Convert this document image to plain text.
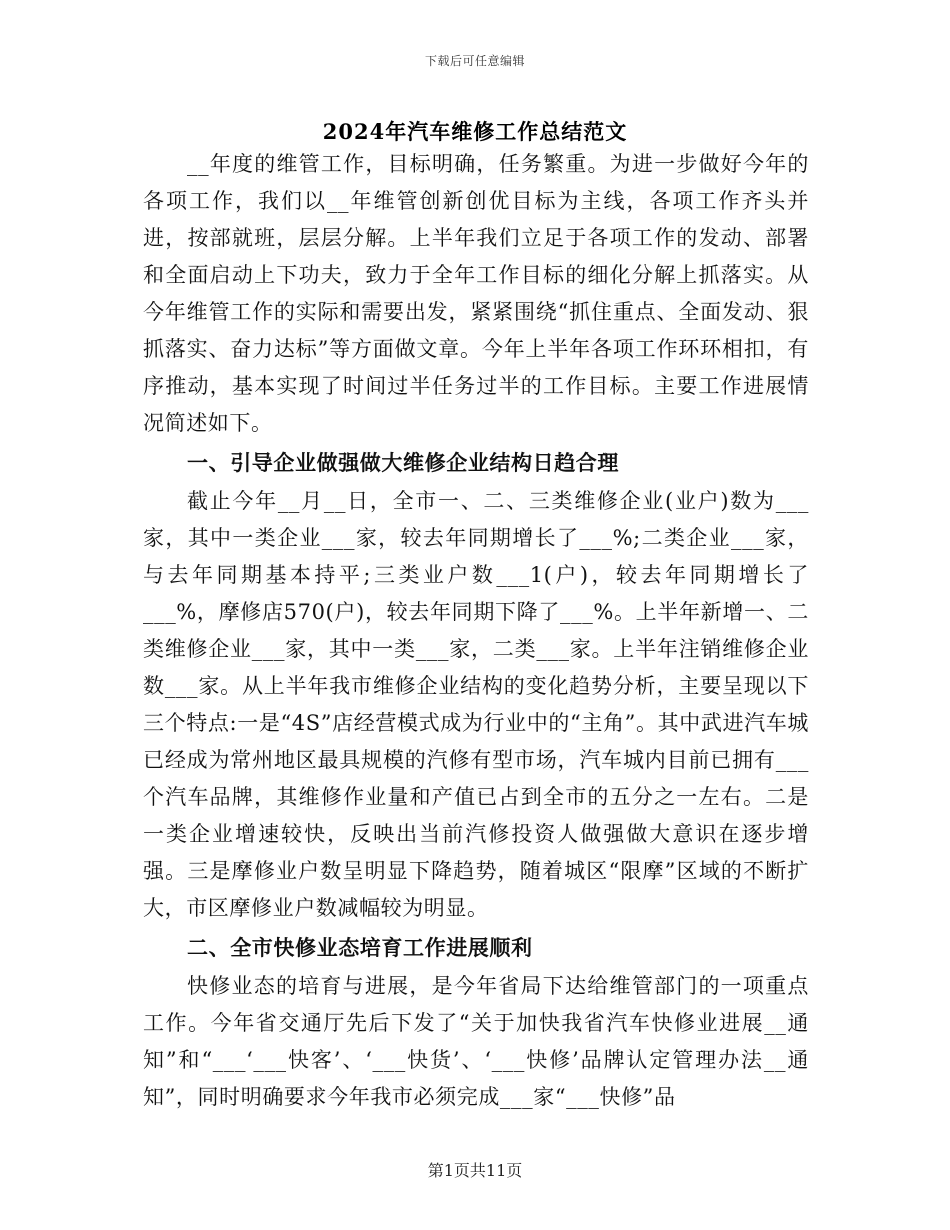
下载后可任意编辑
2024年汽车维修工作总结范文

__年度的维管工作，目标明确，任务繁重。为进一步做好今年的各项工作，我们以__年维管创新创优目标为主线，各项工作齐头并进，按部就班，层层分解。上半年我们立足于各项工作的发动、部署和全面启动上下功夫，致力于全年工作目标的细化分解上抓落实。从今年维管工作的实际和需要出发，紧紧围绕“抓住重点、全面发动、狠抓落实、奋力达标”等方面做文章。今年上半年各项工作环环相扣，有序推动，基本实现了时间过半任务过半的工作目标。主要工作进展情况简述如下。

一、引导企业做强做大维修企业结构日趋合理

截止今年__月__日，全市一、二、三类维修企业(业户)数为___家，其中一类企业___家，较去年同期增长了___%;二类企业___家，与去年同期基本持平;三类业户数___1(户)，较去年同期增长了___%，摩修店570(户)，较去年同期下降了___%。上半年新增一、二类维修企业___家，其中一类___家，二类___家。上半年注销维修企业数___家。从上半年我市维修企业结构的变化趋势分析，主要呈现以下三个特点:一是“4S”店经营模式成为行业中的“主角”。其中武进汽车城已经成为常州地区最具规模的汽修有型市场，汽车城内目前已拥有___个汽车品牌，其维修作业量和产值已占到全市的五分之一左右。二是一类企业增速较快，反映出当前汽修投资人做强做大意识在逐步增强。三是摩修业户数呈明显下降趋势，随着城区“限摩”区域的不断扩大，市区摩修业户数减幅较为明显。

二、全市快修业态培育工作进展顺利

快修业态的培育与进展，是今年省局下达给维管部门的一项重点工作。今年省交通厅先后下发了“关于加快我省汽车快修业进展__通知”和“___‘___快客’、‘___快货’、‘___快修’品牌认定管理办法__通知”，同时明确要求今年我市必须完成___家“___快修”品

第1页共11页
